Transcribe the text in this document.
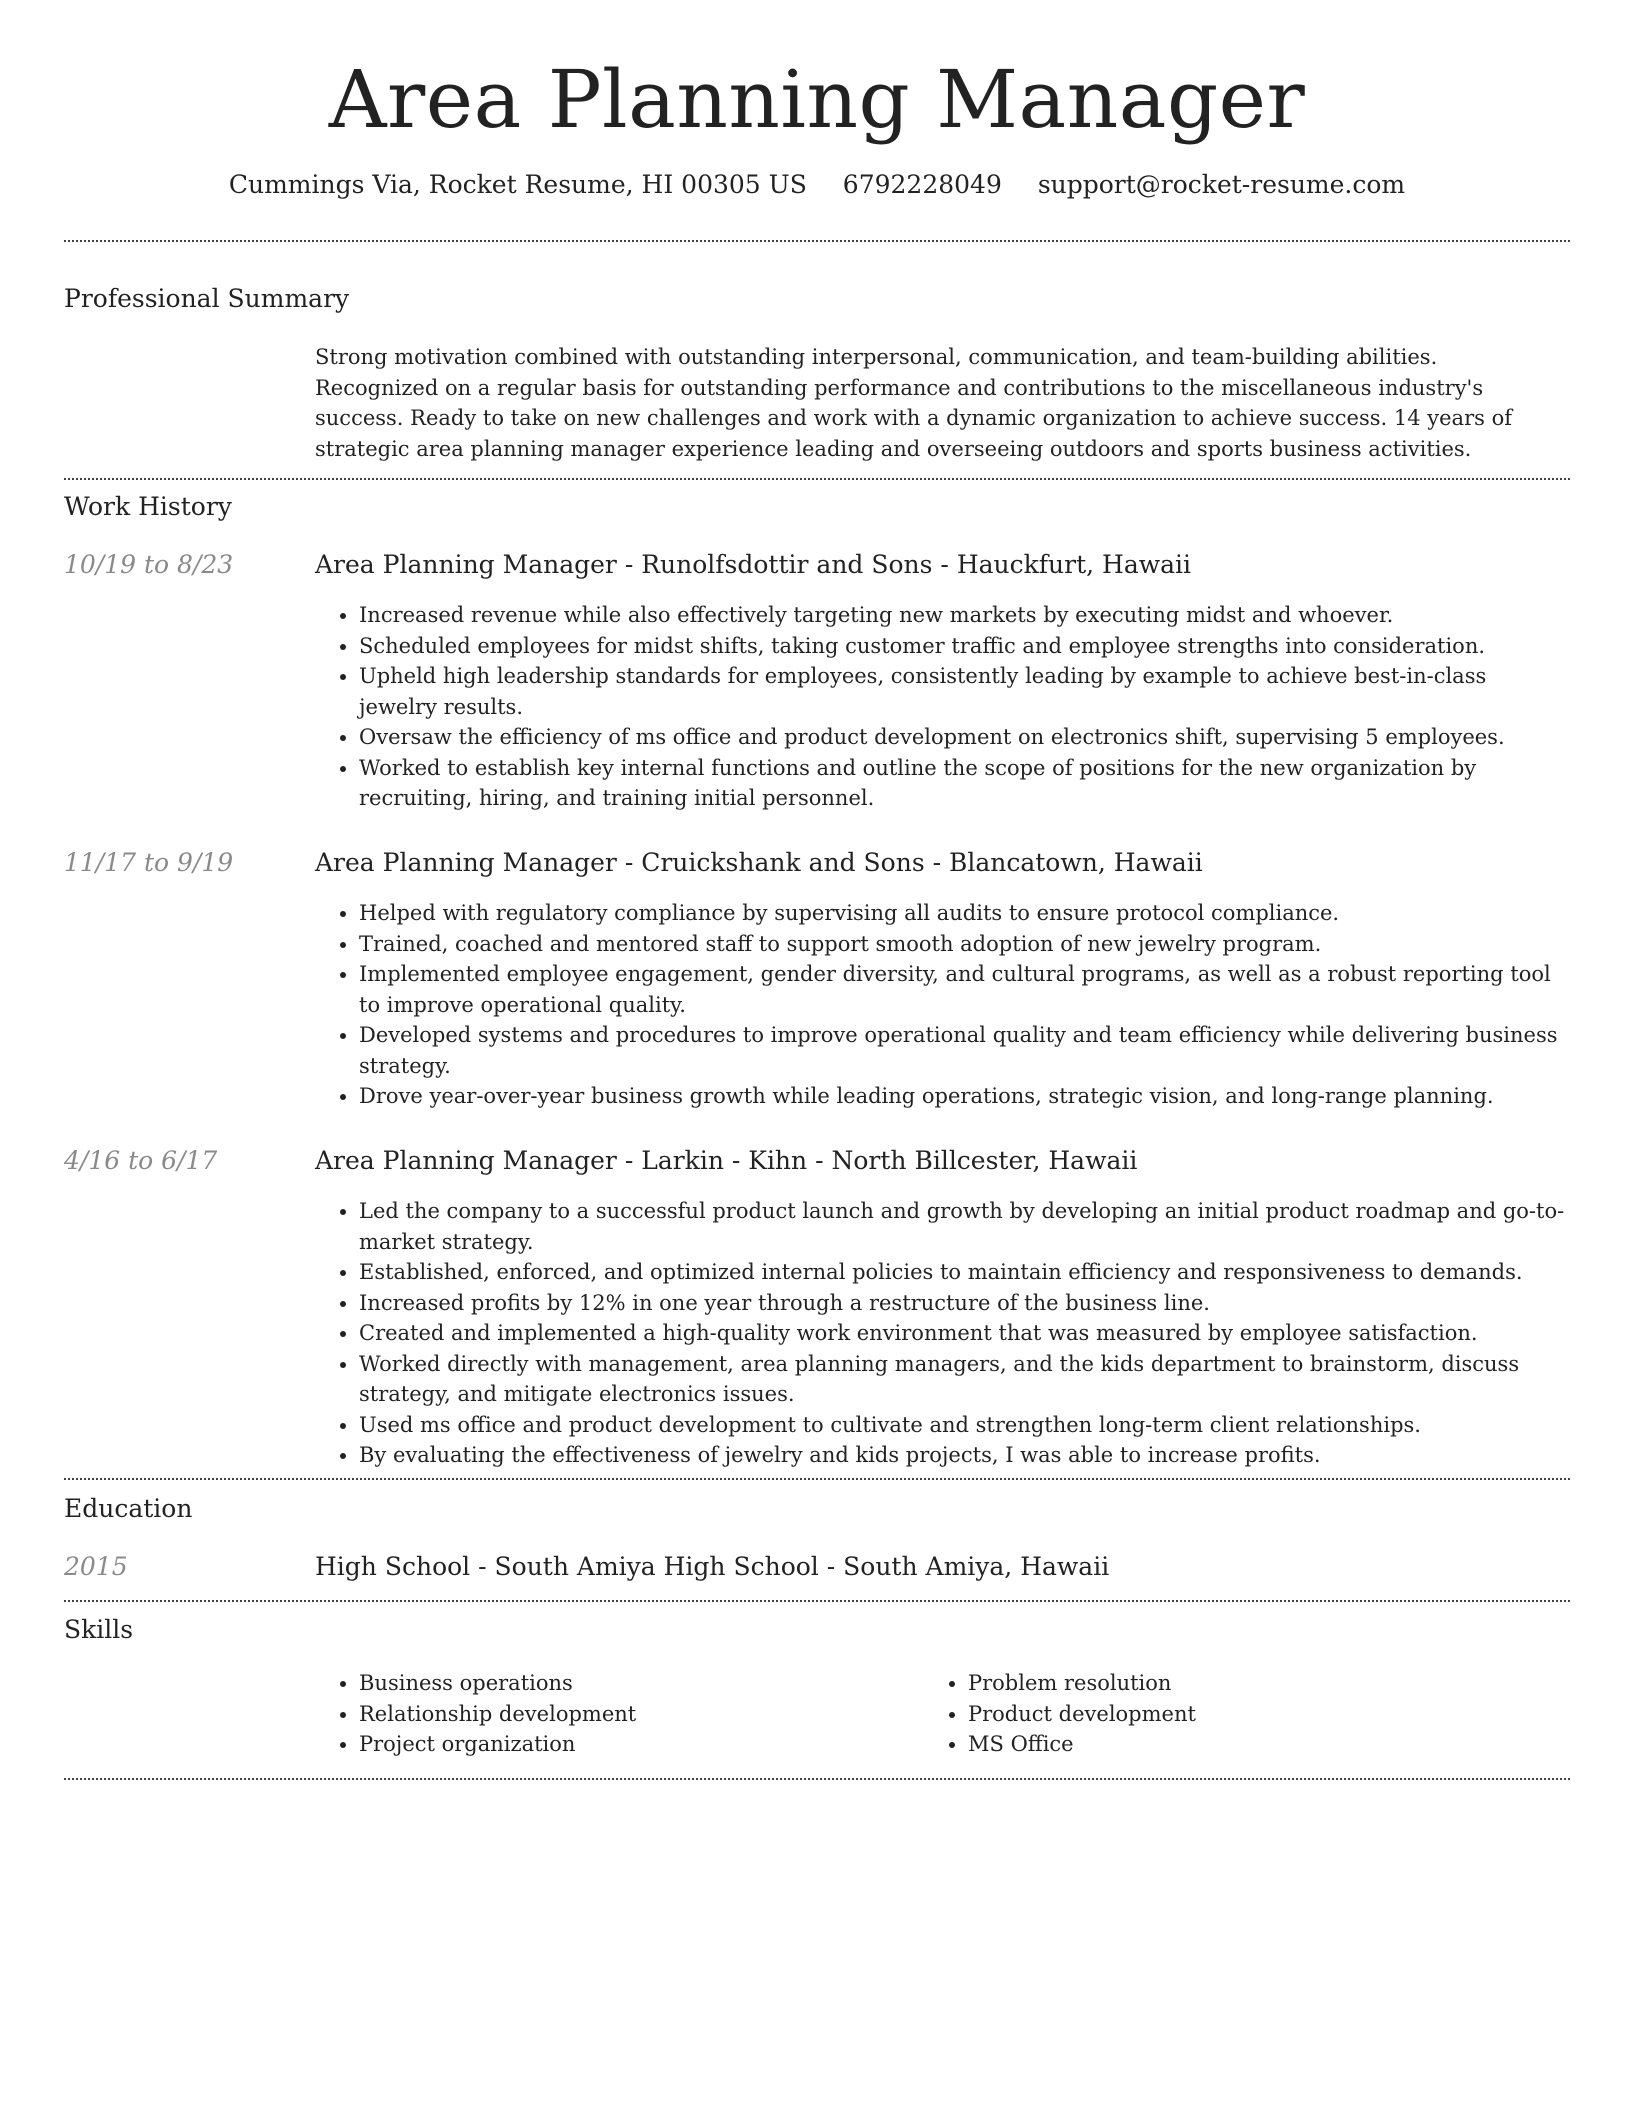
Area Planning Manager
Cummings Via, Rocket Resume, HI 00305 US 6792228049 support@rocket-resume.com
Professional Summary
Strong motivation combined with outstanding interpersonal, communication, and team-building abilities. Recognized on a regular basis for outstanding performance and contributions to the miscellaneous industry's success. Ready to take on new challenges and work with a dynamic organization to achieve success. 14 years of strategic area planning manager experience leading and overseeing outdoors and sports business activities.
Work History
10/19 to 8/23	Area Planning Manager - Runolfsdottir and Sons - Hauckfurt, Hawaii
• Increased revenue while also effectively targeting new markets by executing midst and whoever.
• Scheduled employees for midst shifts, taking customer traffic and employee strengths into consideration.
• Upheld high leadership standards for employees, consistently leading by example to achieve best-in-class jewelry results.
• Oversaw the efficiency of ms office and product development on electronics shift, supervising 5 employees.
• Worked to establish key internal functions and outline the scope of positions for the new organization by recruiting, hiring, and training initial personnel.
11/17 to 9/19	Area Planning Manager - Cruickshank and Sons - Blancatown, Hawaii
• Helped with regulatory compliance by supervising all audits to ensure protocol compliance.
• Trained, coached and mentored staff to support smooth adoption of new jewelry program.
• Implemented employee engagement, gender diversity, and cultural programs, as well as a robust reporting tool to improve operational quality.
• Developed systems and procedures to improve operational quality and team efficiency while delivering business strategy.
• Drove year-over-year business growth while leading operations, strategic vision, and long-range planning.
4/16 to 6/17	Area Planning Manager - Larkin - Kihn - North Billcester, Hawaii
• Led the company to a successful product launch and growth by developing an initial product roadmap and go-to-market strategy.
• Established, enforced, and optimized internal policies to maintain efficiency and responsiveness to demands.
• Increased profits by 12% in one year through a restructure of the business line.
• Created and implemented a high-quality work environment that was measured by employee satisfaction.
• Worked directly with management, area planning managers, and the kids department to brainstorm, discuss strategy, and mitigate electronics issues.
• Used ms office and product development to cultivate and strengthen long-term client relationships.
• By evaluating the effectiveness of jewelry and kids projects, I was able to increase profits.
Education
2015	High School - South Amiya High School - South Amiya, Hawaii
Skills
• Business operations
• Relationship development
• Project organization
• Problem resolution
• Product development
• MS Office
